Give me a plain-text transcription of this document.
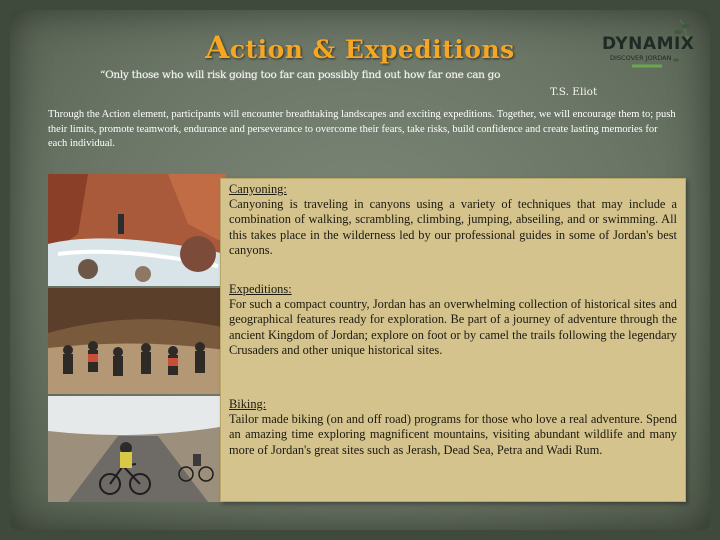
Action & Expeditions	DYNAMIX
DISCOVER JORDAN
“Only those who will risk going too far can possibly find out how far one can go
T.S. Eliot
Through the Action element, participants will encounter breathtaking landscapes and exciting expeditions. Together, we will encourage them to; push their limits, promote teamwork, endurance and perseverance to overcome their fears, take risks, build confidence and create lasting memories for each individual.
Canyoning:
Canyoning is traveling in canyons using a variety of techniques that may include a combination of walking, scrambling, climbing, jumping, abseiling, and or swimming. All this takes place in the wilderness led by our professional guides in some of Jordan's best canyons.
Expeditions:
For such a compact country, Jordan has an overwhelming collection of historical sites and geographical features ready for exploration. Be part of a journey of adventure through the ancient Kingdom of Jordan; explore on foot or by camel the trails following the legendary Crusaders and other unique historical sites.
Biking:
Tailor made biking (on and off road) programs for those who love a real adventure. Spend an amazing time exploring magnificent mountains, visiting abundant wildlife and many more of Jordan's great sites such as Jerash, Dead Sea, Petra and Wadi Rum.
